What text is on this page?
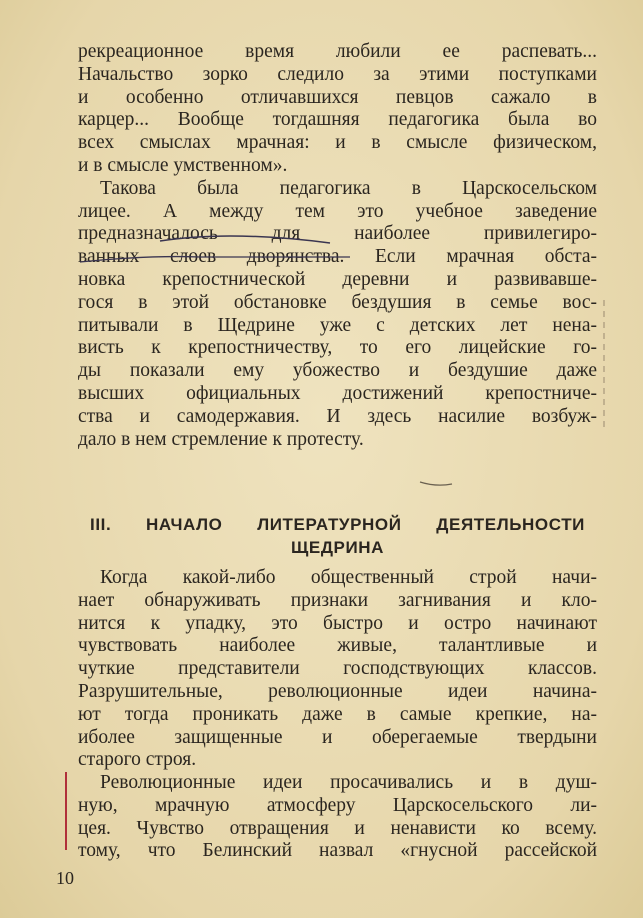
рекреационное время любили ее распевать...
Начальство зорко следило за этими поступками
и особенно отличавшихся певцов сажало в
карцер... Вообще тогдашняя педагогика была во
всех смыслах мрачная: и в смысле физическом,
и в смысле умственном».
Такова была педагогика в Царскосельском
лицее. А между тем это учебное заведение
предназначалось для наиболее привилегиро-
ванных слоев дворянства. Если мрачная обста-
новка крепостнической деревни и развивавше-
гося в этой обстановке бездушия в семье вос-
питывали в Щедрине уже с детских лет нена-
висть к крепостничеству, то его лицейские го-
ды показали ему убожество и бездушие даже
высших официальных достижений крепостниче-
ства и самодержавия. И здесь насилие возбуж-
дало в нем стремление к протесту.
III. НАЧАЛО ЛИТЕРАТУРНОЙ ДЕЯТЕЛЬНОСТИ
ЩЕДРИНА
Когда какой-либо общественный строй начи-
нает обнаруживать признаки загнивания и кло-
нится к упадку, это быстро и остро начинают
чувствовать наиболее живые, талантливые и
чуткие представители господствующих классов.
Разрушительные, революционные идеи начина-
ют тогда проникать даже в самые крепкие, на-
иболее защищенные и оберегаемые твердыни
старого строя.
Революционные идеи просачивались и в душ-
ную, мрачную атмосферу Царскосельского ли-
цея. Чувство отвращения и ненависти ко всему.
тому, что Белинский назвал «гнусной рассейской
10
